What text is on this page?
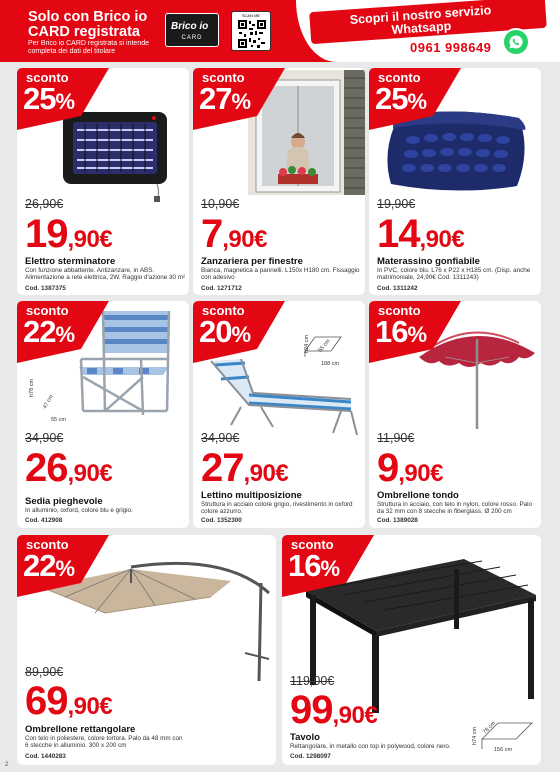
Solo con Brico io CARD registrata
Per Brico io CARD registrata si intende completa dei dati del titolare
Brico io
CARD
SCAN ME	Scopri il nostro servizio Whatsapp
0961 998649
26,90€
19,90€
Elettro sterminatore
Con funzione abbattente. Antizanzare, in ABS. Alimentazione a rete elettrica, 2W. Raggio d'azione 30 m²
Cod. 1387375
10,90€
7,90€
Zanzariera per finestre
Bianca, magnetica a pannelli. L150x H180 cm. Fissaggio con adesivo
Cod. 1271712
19,90€
14,90€
Materassino gonfiabile
In PVC, colore blu. L76 x P22 x H185 cm. (Disp. anche matrimoniale, 24,90€ Cod. 1311243)
Cod. 1311242
h78 cm
47 cm
55 cm
34,90€
26,90€
Sedia pieghevole
In alluminio, oxford, colore blu e grigio.
Cod. 412908
h24 cm 55 cm
188 cm
34,90€
27,90€
Lettino multiposizione
Struttura in acciaio colore grigio, rivestimento in oxford colore azzurro.
Cod. 1352300
11,90€
9,90€
Ombrellone tondo
Struttura in acciaio, con telo in nylon, colore rosso. Palo da 32 mm con 8 stecche in fiberglass. Ø 200 cm
Cod. 1389028
89,90€
69,90€
Ombrellone rettangolare
Con telo in poliestere, colore tortora. Palo da 48 mm con 6 stecche in alluminio. 300 x 200 cm
Cod. 1440283
h74 cm 78 cm
156 cm
119,00€
99,90€
Tavolo
Rettangolare, in metallo con top in polywood, colore nero.
Cod. 1298097
sconto
25%
sconto
27%
sconto
25%
sconto
22%
sconto
20%
sconto
16%
sconto
22%
sconto
16%
2
